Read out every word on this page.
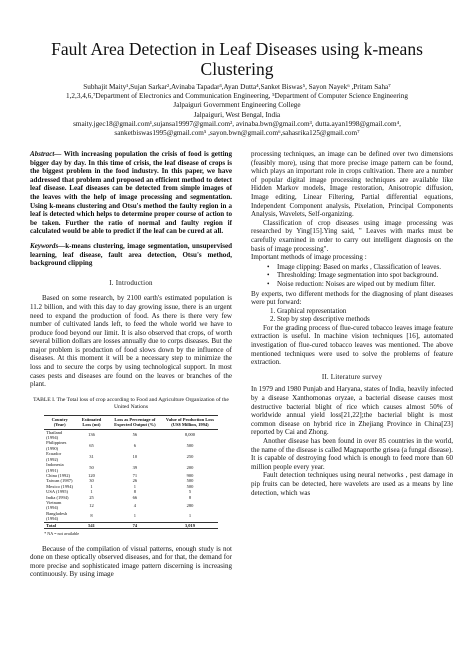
Fault Area Detection in Leaf Diseases using k-means Clustering
Subhajit Maity¹,Sujan Sarkar²,Avinaba Tapadar³,Ayan Dutta⁴,Sanket Biswas⁵, Sayon Nayek⁶ ,Pritam Saha⁷
1,2,3,4,6,⁷Department of Electronics and Communication Engineering, ⁵Department of Computer Science Engineering
Jalpaiguri Government Engineering College
Jalpaiguri, West Bengal, India
smaity.jgec18@gmail.com¹,sujansa19997@gmail.com², avinaba.bwn@gmail.com³, dutta.ayan1998@gmail.com⁴,
sanketbiswas1995@gmail.com⁵ ,sayon.bwn@gmail.com⁶,sahasrika125@gmail.com⁷
Abstract— With increasing population the crisis of food is getting bigger day by day. In this time of crisis, the leaf disease of crops is the biggest problem in the food industry. In this paper, we have addressed that problem and proposed an efficient method to detect leaf disease. Leaf diseases can be detected from simple images of the leaves with the help of image processing and segmentation. Using k-means clustering and Otsu's method the faulty region in a leaf is detected which helps to determine proper course of action to be taken. Further the ratio of normal and faulty region if calculated would be able to predict if the leaf can be cured at all.
Keywords—k-means clustering, image segmentation, unsupervised learning, leaf disease, fault area detection, Otsu's method, background clipping
I. Introduction

Based on some research, by 2100 earth's estimated population is 11.2 billion, and with this day to day growing issue, there is an urgent need to expand the production of food. As there is there very few number of cultivated lands left, to feed the whole world we have to produce food beyond our limit. It is also observed that crops, of worth several billion dollars are losses annually due to corps diseases. But the major problem is production of food slows down by the influence of diseases. At this moment it will be a necessary step to minimize the loss and to secure the corps by using technological support. In most cases pests and diseases are found on the leaves or branches of the plant.

TABLE I. The Total loss of crop according to Food and Agriculture Organization of the United Nations
Country (Year)	Estimated Loss (mt)	Loss as Percentage of Expected Output (%)	Value of Production Loss (US$ Million, 1994)
Thailand (1994)	136	56	8,000
Philippines (1990)	65	6	500
Ecuador (1992)	31	10	250
Indonesia (1991)	50	39	200
China (1992)	120	71	900
Taiwan (1987)	30	26	500
Mexico (1994)	1	1	500
USA (1995)	1	8	5
India (1994)	25	66	8
Vietnam (1994)	12	4	280
Bangladesh (1994)	8	1	1
Total	541	74	3,019
* NA = not available

Because of the compilation of visual patterns, enough study is not done on these optically observed diseases, and for that, the demand for more precise and sophisticated image pattern discerning is increasing continuously. By using image

processing techniques, an image can be defined over two dimensions (feasibly more), using that more precise image pattern can be found, which plays an important role in crops cultivation. There are a number of popular digital image processing techniques are available like Hidden Markov models, Image restoration, Anisotropic diffusion, Image editing, Linear Filtering, Partial differential equations, Independent Component analysis, Pixelation, Principal Components Analysis, Wavelets, Self-organizing.

Classification of crop diseases using image processing was researched by Ying[15].Ying said, " Leaves with marks must be carefully examined in order to carry out intelligent diagnosis on the basis of image processing".

Important methods of image processing :

• Image clipping: Based on marks , Classification of leaves.
• Thresholding: Image segmentation into spot background.
• Noise reduction: Noises are wiped out by medium filter.

By experts, two different methods for the diagnosing of plant diseases were put forward:

1. Graphical representation
2. Step by step descriptive methods

For the grading process of flue-cured tobacco leaves image feature extraction is useful. In machine vision techniques [16], automated investigation of flue-cured tobacco leaves was mentioned. The above mentioned techniques were used to solve the problems of feature extraction.

II. Literature survey

In 1979 and 1980 Punjab and Haryana, states of India, heavily infected by a disease Xanthomonas oryzae, a bacterial disease causes most destructive bacterial blight of rice which causes almost 50% of worldwide annual yield loss[21,22];the bacterial blight is most common disease on hybrid rice in Zhejiang Province in China[23] reported by Cai and Zhong.

Another disease has been found in over 85 countries in the world, the name of the disease is called Magnaporthe grisea (a fungal disease). It is capable of destroying food which is enough to feed more than 60 million people every year.

Fault detection techniques using neural networks , pest damage in pip fruits can be detected, here wavelets are used as a means by line detection, which was
